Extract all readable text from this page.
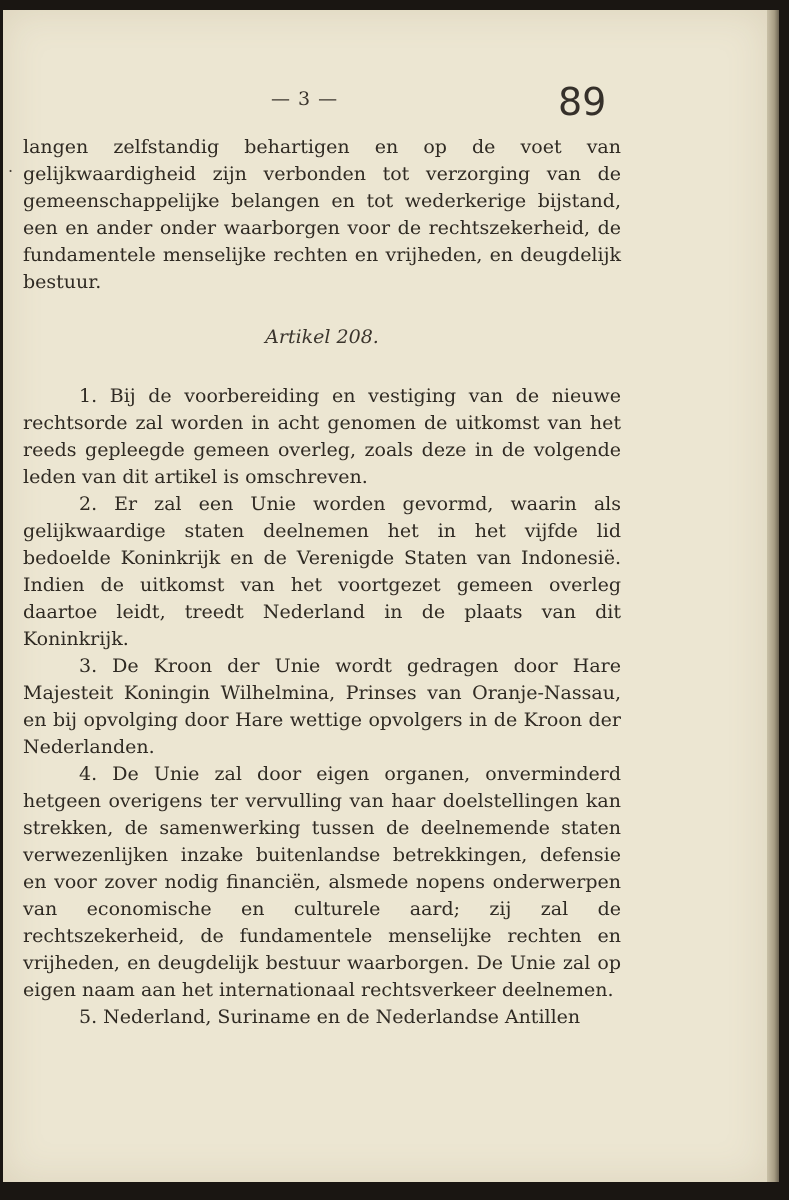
— 3 —	89
.

langen zelfstandig behartigen en op de voet van gelijkwaardigheid zijn verbonden tot verzorging van de gemeenschappelijke belangen en tot wederkerige bijstand, een en ander onder waarborgen voor de rechtszekerheid, de fundamentele menselijke rechten en vrijheden, en deugdelijk bestuur.

Artikel 208.

1. Bij de voorbereiding en vestiging van de nieuwe rechtsorde zal worden in acht genomen de uitkomst van het reeds gepleegde gemeen overleg, zoals deze in de volgende leden van dit artikel is omschreven.

2. Er zal een Unie worden gevormd, waarin als gelijkwaardige staten deelnemen het in het vijfde lid bedoelde Koninkrijk en de Verenigde Staten van Indonesië. Indien de uitkomst van het voortgezet gemeen overleg daartoe leidt, treedt Nederland in de plaats van dit Koninkrijk.

3. De Kroon der Unie wordt gedragen door Hare Majesteit Koningin Wilhelmina, Prinses van Oranje-Nassau, en bij opvolging door Hare wettige opvolgers in de Kroon der Nederlanden.

4. De Unie zal door eigen organen, onverminderd hetgeen overigens ter vervulling van haar doelstellingen kan strekken, de samenwerking tussen de deelnemende staten verwezenlijken inzake buitenlandse betrekkingen, defensie en voor zover nodig financiën, alsmede nopens onderwerpen van economische en culturele aard; zij zal de rechtszekerheid, de fundamentele menselijke rechten en vrijheden, en deugdelijk bestuur waarborgen. De Unie zal op eigen naam aan het internationaal rechtsverkeer deelnemen.

5. Nederland, Suriname en de Nederlandse Antillen
